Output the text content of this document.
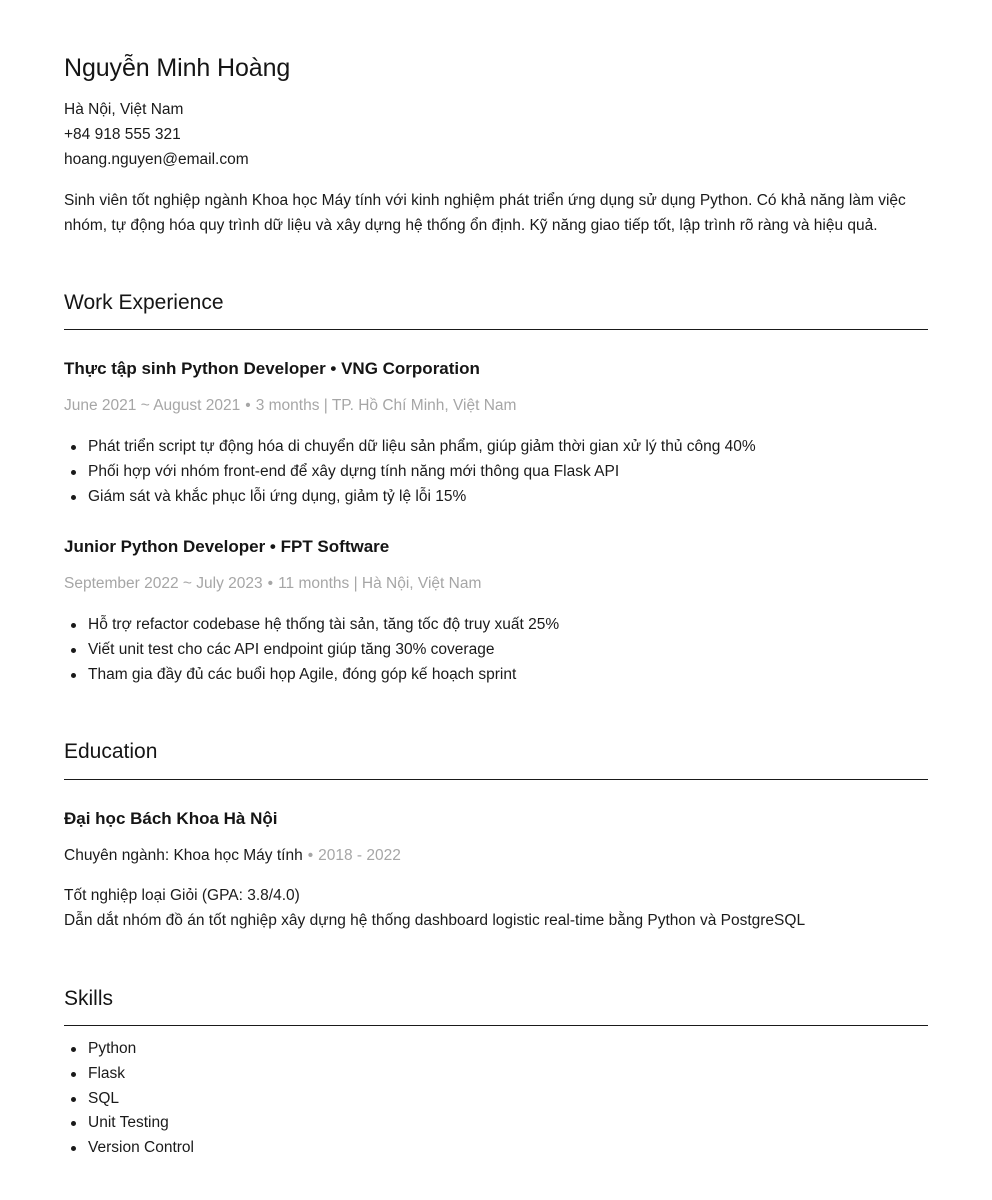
Nguyễn Minh Hoàng
Hà Nội, Việt Nam
+84 918 555 321
hoang.nguyen@email.com
Sinh viên tốt nghiệp ngành Khoa học Máy tính với kinh nghiệm phát triển ứng dụng sử dụng Python. Có khả năng làm việc nhóm, tự động hóa quy trình dữ liệu và xây dựng hệ thống ổn định. Kỹ năng giao tiếp tốt, lập trình rõ ràng và hiệu quả.
Work Experience
Thực tập sinh Python Developer • VNG Corporation
June 2021 ~ August 2021 • 3 months | TP. Hồ Chí Minh, Việt Nam
Phát triển script tự động hóa di chuyển dữ liệu sản phẩm, giúp giảm thời gian xử lý thủ công 40%
Phối hợp với nhóm front-end để xây dựng tính năng mới thông qua Flask API
Giám sát và khắc phục lỗi ứng dụng, giảm tỷ lệ lỗi 15%
Junior Python Developer • FPT Software
September 2022 ~ July 2023 • 11 months | Hà Nội, Việt Nam
Hỗ trợ refactor codebase hệ thống tài sản, tăng tốc độ truy xuất 25%
Viết unit test cho các API endpoint giúp tăng 30% coverage
Tham gia đầy đủ các buổi họp Agile, đóng góp kế hoạch sprint
Education
Đại học Bách Khoa Hà Nội
Chuyên ngành: Khoa học Máy tính • 2018 - 2022
Tốt nghiệp loại Giỏi (GPA: 3.8/4.0)
Dẫn dắt nhóm đồ án tốt nghiệp xây dựng hệ thống dashboard logistic real-time bằng Python và PostgreSQL
Skills
Python
Flask
SQL
Unit Testing
Version Control
